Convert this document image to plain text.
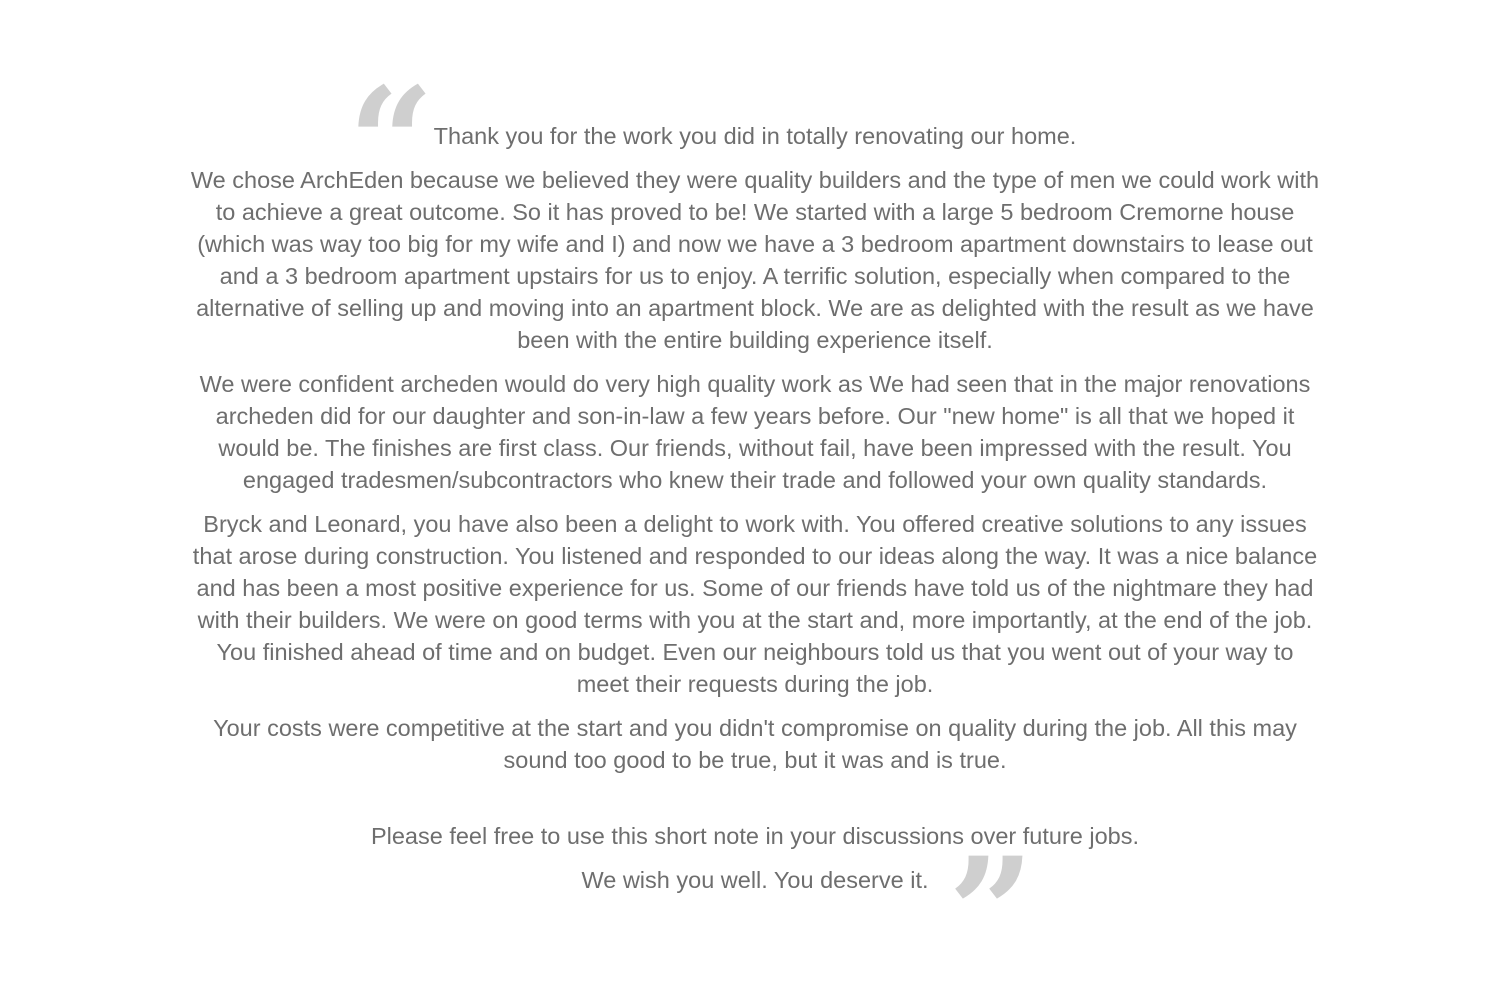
“ Thank you for the work you did in totally renovating our home.

We chose ArchEden because we believed they were quality builders and the type of men we could work with to achieve a great outcome. So it has proved to be! We started with a large 5 bedroom Cremorne house (which was way too big for my wife and I) and now we have a 3 bedroom apartment downstairs to lease out and a 3 bedroom apartment upstairs for us to enjoy. A terrific solution, especially when compared to the alternative of selling up and moving into an apartment block. We are as delighted with the result as we have been with the entire building experience itself.

We were confident archeden would do very high quality work as We had seen that in the major renovations archeden did for our daughter and son-in-law a few years before. Our "new home" is all that we hoped it would be. The finishes are first class. Our friends, without fail, have been impressed with the result. You engaged tradesmen/subcontractors who knew their trade and followed your own quality standards.

Bryck and Leonard, you have also been a delight to work with. You offered creative solutions to any issues that arose during construction. You listened and responded to our ideas along the way. It was a nice balance and has been a most positive experience for us. Some of our friends have told us of the nightmare they had with their builders. We were on good terms with you at the start and, more importantly, at the end of the job. You finished ahead of time and on budget. Even our neighbours told us that you went out of your way to meet their requests during the job.

Your costs were competitive at the start and you didn't compromise on quality during the job. All this may sound too good to be true, but it was and is true.

Please feel free to use this short note in your discussions over future jobs.

We wish you well. You deserve it. ”
